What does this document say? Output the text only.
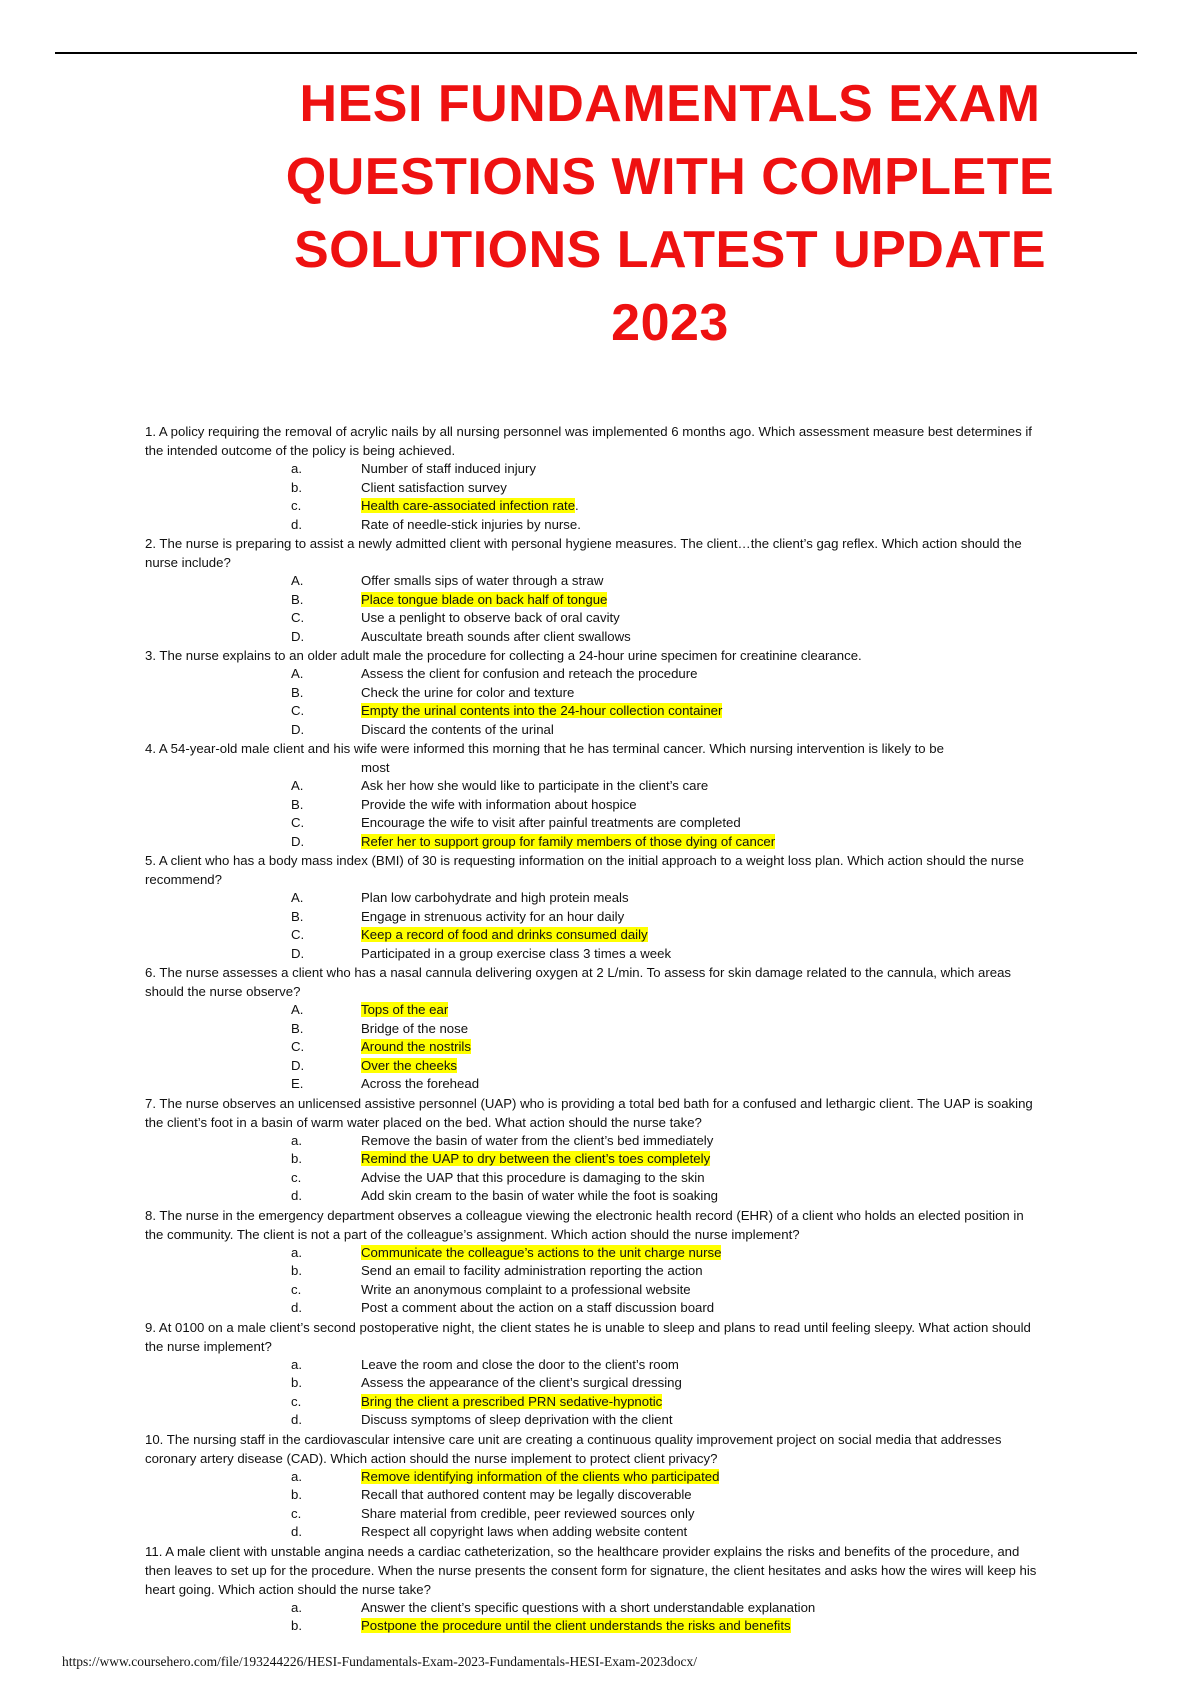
HESI FUNDAMENTALS EXAM
QUESTIONS WITH COMPLETE
SOLUTIONS LATEST UPDATE
2023

1. A policy requiring the removal of acrylic nails by all nursing personnel was implemented 6 months ago. Which assessment measure best determines if the intended outcome of the policy is being achieved.

a.	Number of staff induced injury
b.	Client satisfaction survey
c.	Health care-associated infection rate.
d.	Rate of needle-stick injuries by nurse.

2. The nurse is preparing to assist a newly admitted client with personal hygiene measures. The client…the client’s gag reflex. Which action should the nurse include?

A.	Offer smalls sips of water through a straw
B.	Place tongue blade on back half of tongue
C.	Use a penlight to observe back of oral cavity
D.	Auscultate breath sounds after client swallows

3. The nurse explains to an older adult male the procedure for collecting a 24-hour urine specimen for creatinine clearance.

A.	Assess the client for confusion and reteach the procedure
B.	Check the urine for color and texture
C.	Empty the urinal contents into the 24-hour collection container
D.	Discard the contents of the urinal

4. A 54-year-old male client and his wife were informed this morning that he has terminal cancer. Which nursing intervention is likely to be

most
A.	Ask her how she would like to participate in the client’s care
B.	Provide the wife with information about hospice
C.	Encourage the wife to visit after painful treatments are completed
D.	Refer her to support group for family members of those dying of cancer

5. A client who has a body mass index (BMI) of 30 is requesting information on the initial approach to a weight loss plan. Which action should the nurse recommend?

A.	Plan low carbohydrate and high protein meals
B.	Engage in strenuous activity for an hour daily
C.	Keep a record of food and drinks consumed daily
D.	Participated in a group exercise class 3 times a week

6. The nurse assesses a client who has a nasal cannula delivering oxygen at 2 L/min. To assess for skin damage related to the cannula, which areas should the nurse observe?

A.	Tops of the ear
B.	Bridge of the nose
C.	Around the nostrils
D.	Over the cheeks
E.	Across the forehead

7. The nurse observes an unlicensed assistive personnel (UAP) who is providing a total bed bath for a confused and lethargic client. The UAP is soaking the client’s foot in a basin of warm water placed on the bed. What action should the nurse take?

a.	Remove the basin of water from the client’s bed immediately
b.	Remind the UAP to dry between the client’s toes completely
c.	Advise the UAP that this procedure is damaging to the skin
d.	Add skin cream to the basin of water while the foot is soaking

8. The nurse in the emergency department observes a colleague viewing the electronic health record (EHR) of a client who holds an elected position in the community. The client is not a part of the colleague’s assignment. Which action should the nurse implement?

a.	Communicate the colleague’s actions to the unit charge nurse
b.	Send an email to facility administration reporting the action
c.	Write an anonymous complaint to a professional website
d.	Post a comment about the action on a staff discussion board

9. At 0100 on a male client’s second postoperative night, the client states he is unable to sleep and plans to read until feeling sleepy. What action should the nurse implement?

a.	Leave the room and close the door to the client’s room
b.	Assess the appearance of the client’s surgical dressing
c.	Bring the client a prescribed PRN sedative-hypnotic
d.	Discuss symptoms of sleep deprivation with the client

10. The nursing staff in the cardiovascular intensive care unit are creating a continuous quality improvement project on social media that addresses coronary artery disease (CAD). Which action should the nurse implement to protect client privacy?

a.	Remove identifying information of the clients who participated
b.	Recall that authored content may be legally discoverable
c.	Share material from credible, peer reviewed sources only
d.	Respect all copyright laws when adding website content

11. A male client with unstable angina needs a cardiac catheterization, so the healthcare provider explains the risks and benefits of the procedure, and then leaves to set up for the procedure. When the nurse presents the consent form for signature, the client hesitates and asks how the wires will keep his heart going. Which action should the nurse take?

a.	Answer the client’s specific questions with a short understandable explanation
b.	Postpone the procedure until the client understands the risks and benefits
https://www.coursehero.com/file/193244226/HESI-Fundamentals-Exam-2023-Fundamentals-HESI-Exam-2023docx/
